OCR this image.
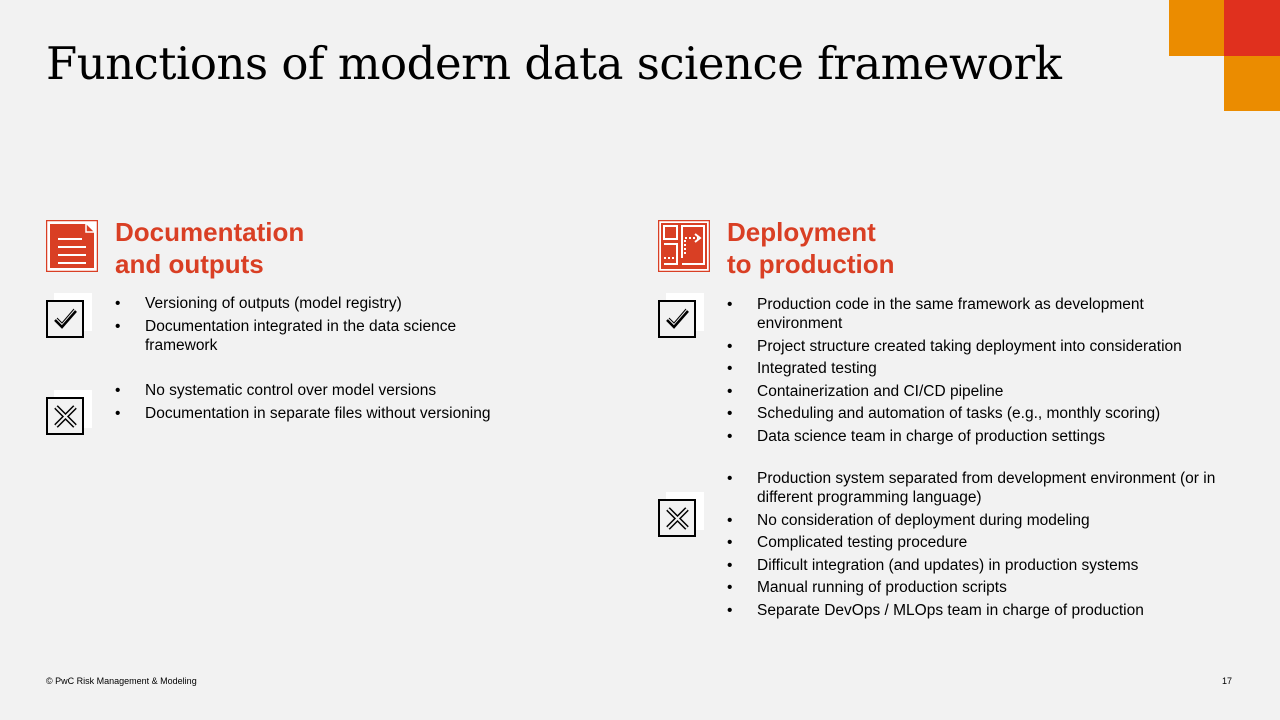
Functions of modern data science framework
Documentation
and outputs
• Versioning of outputs (model registry)
• Documentation integrated in the data science framework
• No systematic control over model versions
• Documentation in separate files without versioning
Deployment
to production
• Production code in the same framework as development environment
• Project structure created taking deployment into consideration
• Integrated testing
• Containerization and CI/CD pipeline
• Scheduling and automation of tasks (e.g., monthly scoring)
• Data science team in charge of production settings
• Production system separated from development environment (or in different programming language)
• No consideration of deployment during modeling
• Complicated testing procedure
• Difficult integration (and updates) in production systems
• Manual running of production scripts
• Separate DevOps / MLOps team in charge of production
© PwC Risk Management & Modeling	17
